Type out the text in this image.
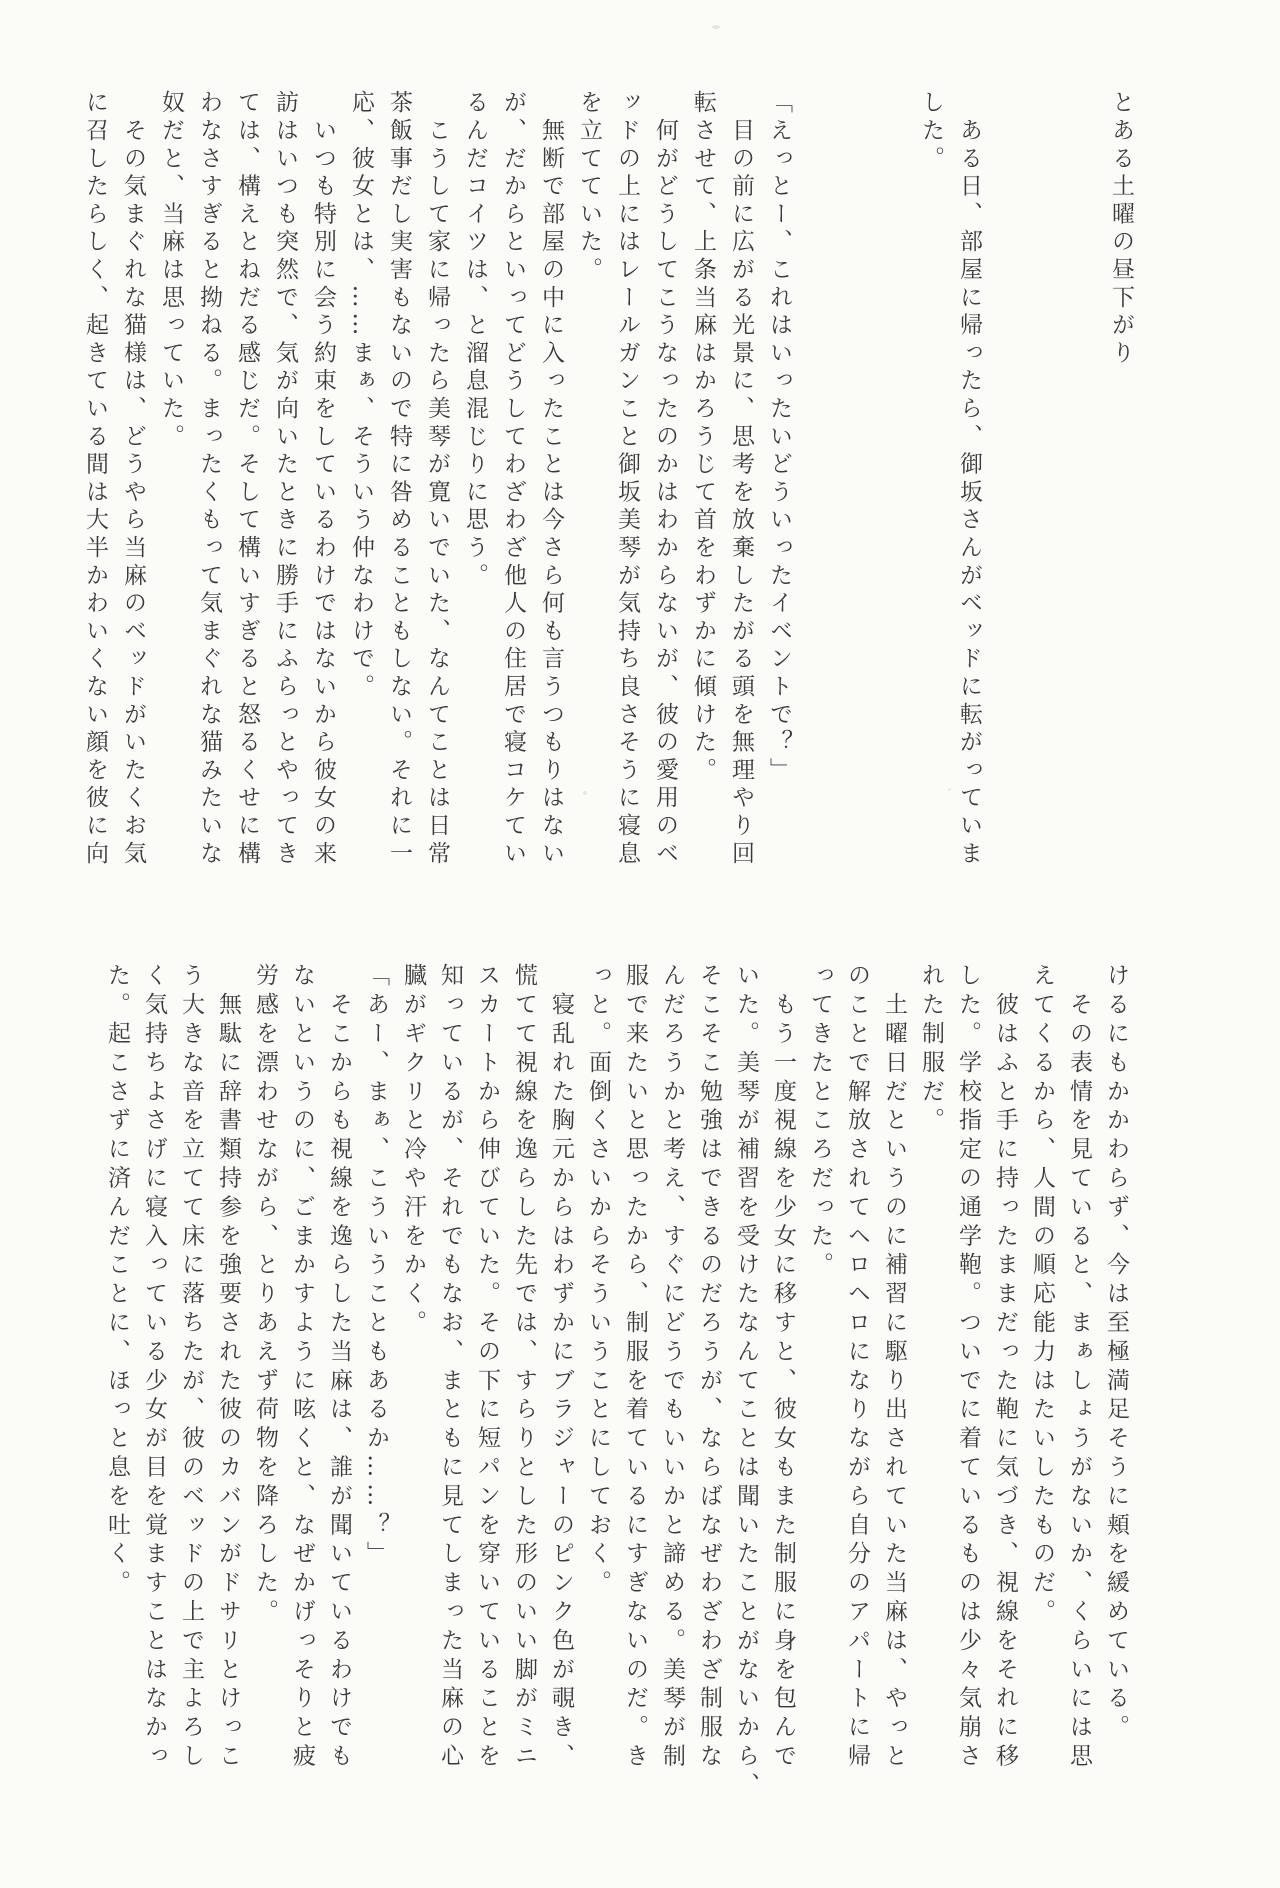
とある土曜の昼下がり
　ある日、部屋に帰ったら、御坂さんがベッドに転がっていま
した。
「えっとー、これはいったいどういったイベントで？」
　目の前に広がる光景に、思考を放棄したがる頭を無理やり回
転させて、上条当麻はかろうじて首をわずかに傾けた。
　何がどうしてこうなったのかはわからないが、彼の愛用のベ
ッドの上にはレールガンこと御坂美琴が気持ち良さそうに寝息
を立てていた。
　無断で部屋の中に入ったことは今さら何も言うつもりはない
が、だからといってどうしてわざわざ他人の住居で寝コケてい
るんだコイツは、と溜息混じりに思う。
　こうして家に帰ったら美琴が寛いでいた、なんてことは日常
茶飯事だし実害もないので特に咎めることもしない。それに一
応、彼女とは、……まぁ、そういう仲なわけで。
　いつも特別に会う約束をしているわけではないから彼女の来
訪はいつも突然で、気が向いたときに勝手にふらっとやってき
ては、構えとねだる感じだ。そして構いすぎると怒るくせに構
わなさすぎると拗ねる。まったくもって気まぐれな猫みたいな
奴だと、当麻は思っていた。
　その気まぐれな猫様は、どうやら当麻のベッドがいたくお気
に召したらしく、起きている間は大半かわいくない顔を彼に向
けるにもかかわらず、今は至極満足そうに頬を緩めている。
　その表情を見ていると、まぁしょうがないか、くらいには思
えてくるから、人間の順応能力はたいしたものだ。
　彼はふと手に持ったままだった鞄に気づき、視線をそれに移
した。学校指定の通学鞄。ついでに着ているものは少々気崩さ
れた制服だ。
　土曜日だというのに補習に駆り出されていた当麻は、やっと
のことで解放されてヘロヘロになりながら自分のアパートに帰
ってきたところだった。
　もう一度視線を少女に移すと、彼女もまた制服に身を包んで
いた。美琴が補習を受けたなんてことは聞いたことがないから、
そこそこ勉強はできるのだろうが、ならばなぜわざわざ制服な
んだろうかと考え、すぐにどうでもいいかと諦める。美琴が制
服で来たいと思ったから、制服を着ているにすぎないのだ。き
っと。面倒くさいからそういうことにしておく。
　寝乱れた胸元からはわずかにブラジャーのピンク色が覗き、
慌てて視線を逸らした先では、すらりとした形のいい脚がミニ
スカートから伸びていた。その下に短パンを穿いていることを
知っているが、それでもなお、まともに見てしまった当麻の心
臓がギクリと冷や汗をかく。
「あー、まぁ、こういうこともあるか……？」
　そこからも視線を逸らした当麻は、誰が聞いているわけでも
ないというのに、ごまかすように呟くと、なぜかげっそりと疲
労感を漂わせながら、とりあえず荷物を降ろした。
　無駄に辞書類持参を強要された彼のカバンがドサリとけっこ
う大きな音を立てて床に落ちたが、彼のベッドの上で主よろし
く気持ちよさげに寝入っている少女が目を覚ますことはなかっ
た。起こさずに済んだことに、ほっと息を吐く。
